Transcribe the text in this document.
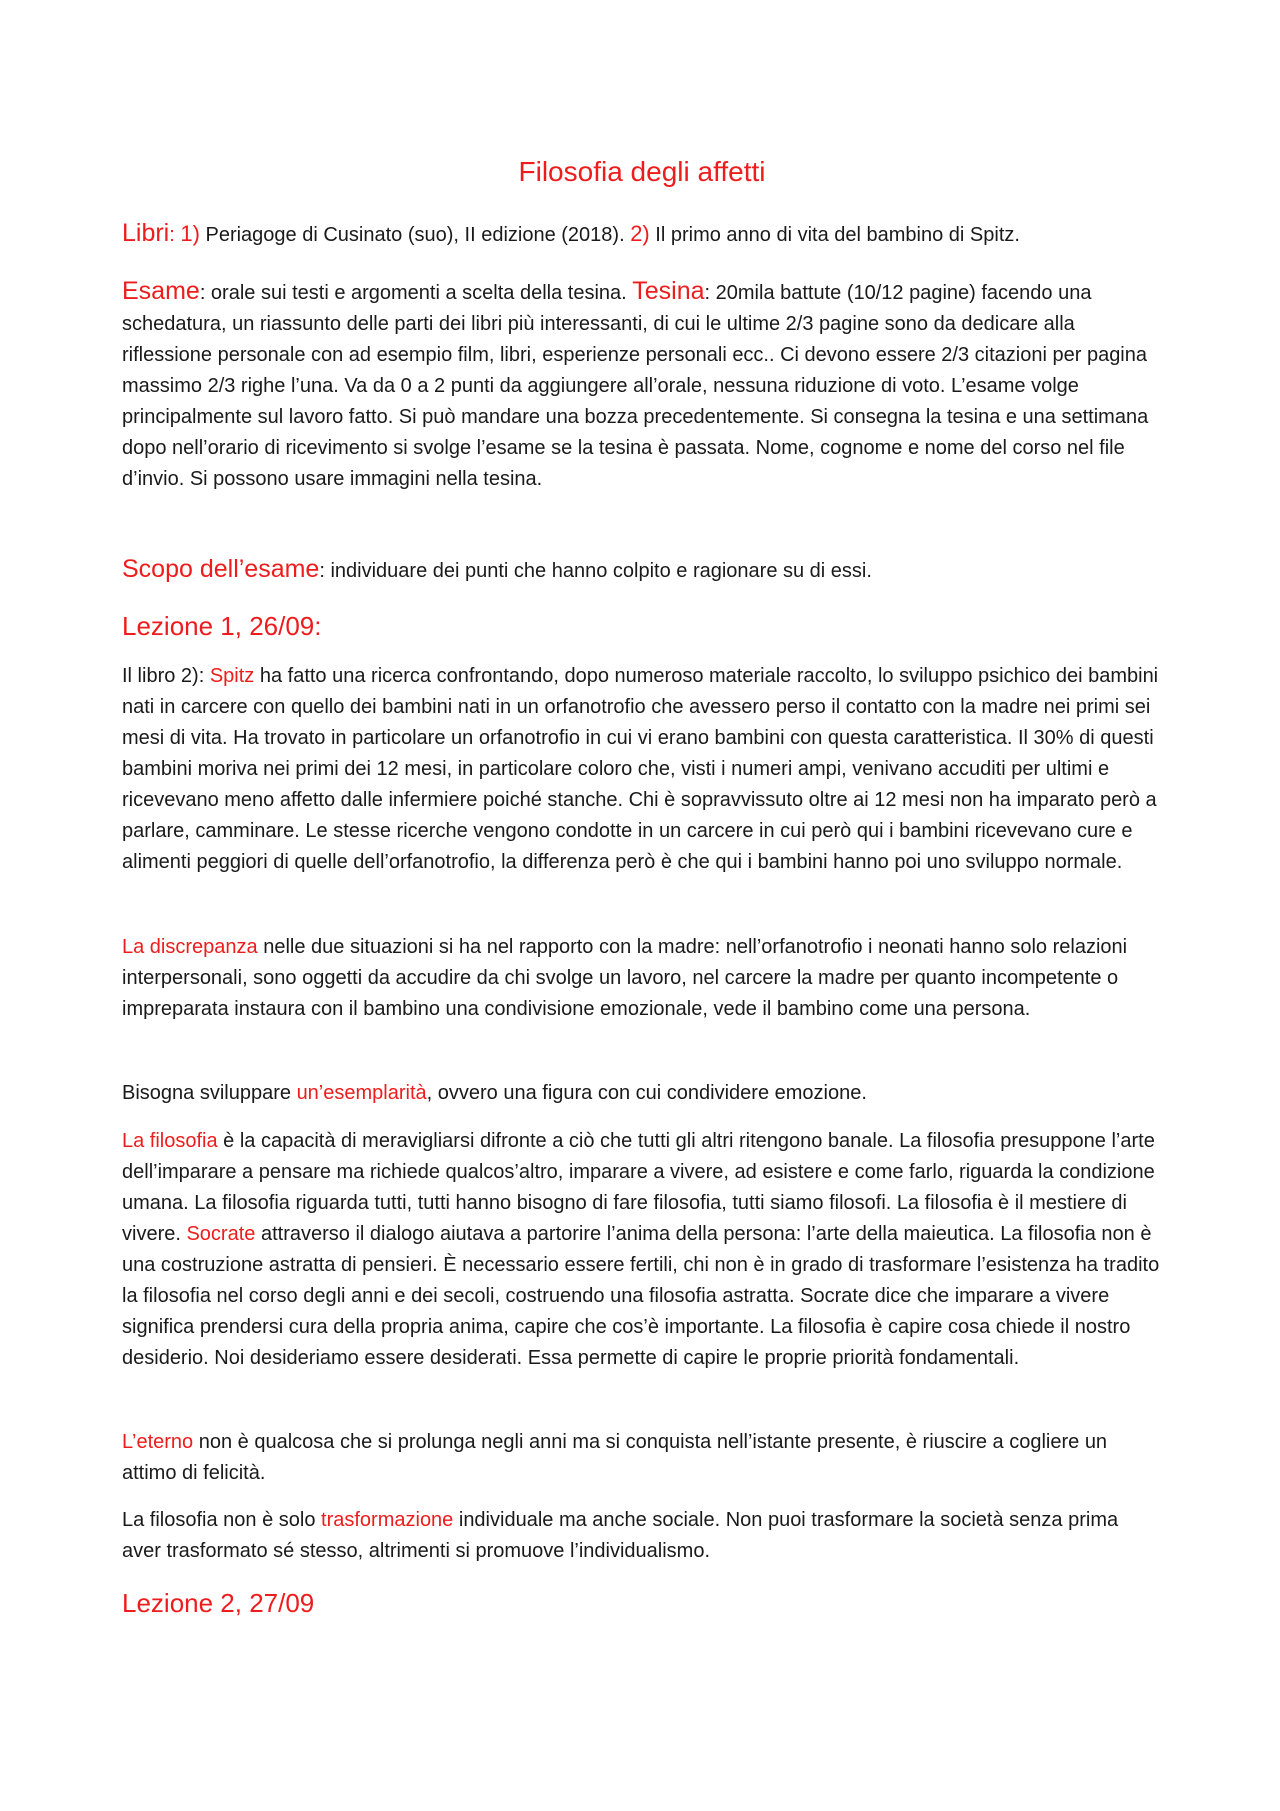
Filosofia degli affetti

Libri: 1) Periagoge di Cusinato (suo), II edizione (2018). 2) Il primo anno di vita del bambino di Spitz.

Esame: orale sui testi e argomenti a scelta della tesina. Tesina: 20mila battute (10/12 pagine) facendo una schedatura, un riassunto delle parti dei libri più interessanti, di cui le ultime 2/3 pagine sono da dedicare alla riflessione personale con ad esempio film, libri, esperienze personali ecc.. Ci devono essere 2/3 citazioni per pagina massimo 2/3 righe l’una. Va da 0 a 2 punti da aggiungere all’orale, nessuna riduzione di voto. L’esame volge principalmente sul lavoro fatto. Si può mandare una bozza precedentemente. Si consegna la tesina e una settimana dopo nell’orario di ricevimento si svolge l’esame se la tesina è passata. Nome, cognome e nome del corso nel file d’invio. Si possono usare immagini nella tesina.

Scopo dell’esame: individuare dei punti che hanno colpito e ragionare su di essi.

Lezione 1, 26/09:

Il libro 2): Spitz ha fatto una ricerca confrontando, dopo numeroso materiale raccolto, lo sviluppo psichico dei bambini nati in carcere con quello dei bambini nati in un orfanotrofio che avessero perso il contatto con la madre nei primi sei mesi di vita. Ha trovato in particolare un orfanotrofio in cui vi erano bambini con questa caratteristica. Il 30% di questi bambini moriva nei primi dei 12 mesi, in particolare coloro che, visti i numeri ampi, venivano accuditi per ultimi e ricevevano meno affetto dalle infermiere poiché stanche. Chi è sopravvissuto oltre ai 12 mesi non ha imparato però a parlare, camminare. Le stesse ricerche vengono condotte in un carcere in cui però qui i bambini ricevevano cure e alimenti peggiori di quelle dell’orfanotrofio, la differenza però è che qui i bambini hanno poi uno sviluppo normale.

La discrepanza nelle due situazioni si ha nel rapporto con la madre: nell’orfanotrofio i neonati hanno solo relazioni interpersonali, sono oggetti da accudire da chi svolge un lavoro, nel carcere la madre per quanto incompetente o impreparata instaura con il bambino una condivisione emozionale, vede il bambino come una persona.

Bisogna sviluppare un’esemplarità, ovvero una figura con cui condividere emozione.

La filosofia è la capacità di meravigliarsi difronte a ciò che tutti gli altri ritengono banale. La filosofia presuppone l’arte dell’imparare a pensare ma richiede qualcos’altro, imparare a vivere, ad esistere e come farlo, riguarda la condizione umana. La filosofia riguarda tutti, tutti hanno bisogno di fare filosofia, tutti siamo filosofi. La filosofia è il mestiere di vivere. Socrate attraverso il dialogo aiutava a partorire l’anima della persona: l’arte della maieutica. La filosofia non è una costruzione astratta di pensieri. È necessario essere fertili, chi non è in grado di trasformare l’esistenza ha tradito la filosofia nel corso degli anni e dei secoli, costruendo una filosofia astratta. Socrate dice che imparare a vivere significa prendersi cura della propria anima, capire che cos’è importante. La filosofia è capire cosa chiede il nostro desiderio. Noi desideriamo essere desiderati. Essa permette di capire le proprie priorità fondamentali.

L’eterno non è qualcosa che si prolunga negli anni ma si conquista nell’istante presente, è riuscire a cogliere un attimo di felicità.

La filosofia non è solo trasformazione individuale ma anche sociale. Non puoi trasformare la società senza prima aver trasformato sé stesso, altrimenti si promuove l’individualismo.

Lezione 2, 27/09
